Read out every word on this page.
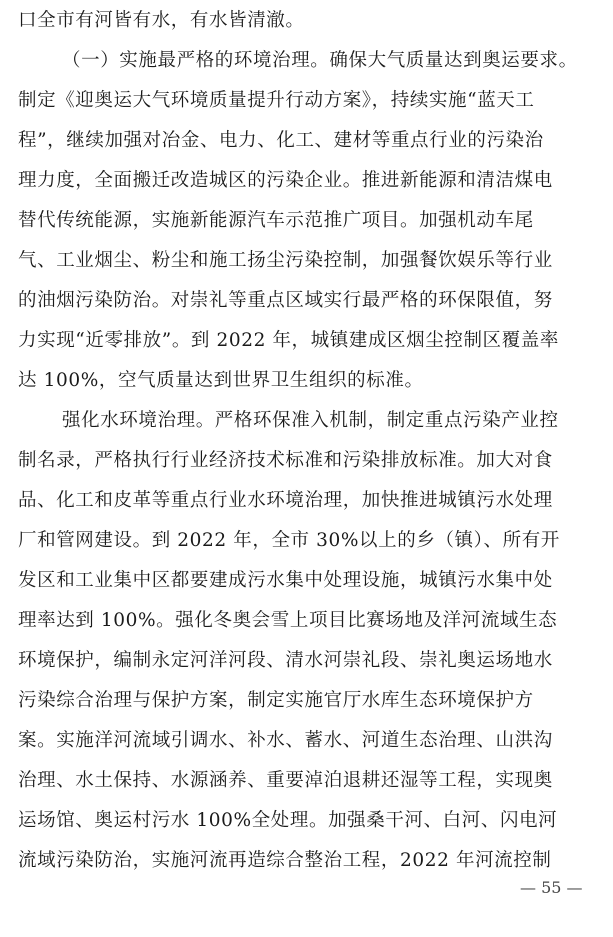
口全市有河皆有水，有水皆清澈。
（一）实施最严格的环境治理。确保大气质量达到奥运要求。
制定《迎奥运大气环境质量提升行动方案》，持续实施“蓝天工
程”，继续加强对冶金、电力、化工、建材等重点行业的污染治
理力度，全面搬迁改造城区的污染企业。推进新能源和清洁煤电
替代传统能源，实施新能源汽车示范推广项目。加强机动车尾
气、工业烟尘、粉尘和施工扬尘污染控制，加强餐饮娱乐等行业
的油烟污染防治。对崇礼等重点区域实行最严格的环保限值，努
力实现“近零排放”。到 2022 年，城镇建成区烟尘控制区覆盖率
达 100%，空气质量达到世界卫生组织的标准。
强化水环境治理。严格环保准入机制，制定重点污染产业控
制名录，严格执行行业经济技术标准和污染排放标准。加大对食
品、化工和皮革等重点行业水环境治理，加快推进城镇污水处理
厂和管网建设。到 2022 年，全市 30%以上的乡（镇）、所有开
发区和工业集中区都要建成污水集中处理设施，城镇污水集中处
理率达到 100%。强化冬奥会雪上项目比赛场地及洋河流域生态
环境保护，编制永定河洋河段、清水河崇礼段、崇礼奥运场地水
污染综合治理与保护方案，制定实施官厅水库生态环境保护方
案。实施洋河流域引调水、补水、蓄水、河道生态治理、山洪沟
治理、水土保持、水源涵养、重要淖泊退耕还湿等工程，实现奥
运场馆、奥运村污水 100%全处理。加强桑干河、白河、闪电河
流域污染防治，实施河流再造综合整治工程，2022 年河流控制
— 55 —
